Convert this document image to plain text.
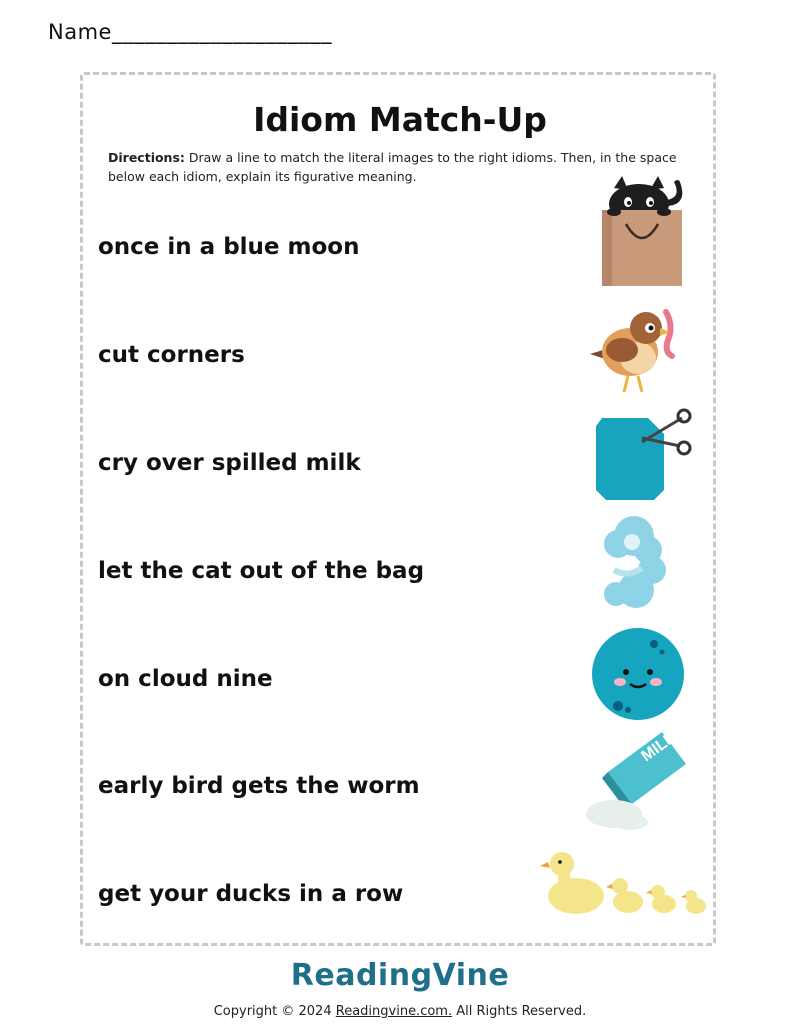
Name____________________
Idiom Match-Up
Directions: Draw a line to match the literal images to the right idioms. Then, in the space below each idiom, explain its figurative meaning.
once in a blue moon
cut corners
cry over spilled milk
let the cat out of the bag
on cloud nine
early bird gets the worm
get your ducks in a row
MILK
ReadingVine
Copyright © 2024 Readingvine.com. All Rights Reserved.
